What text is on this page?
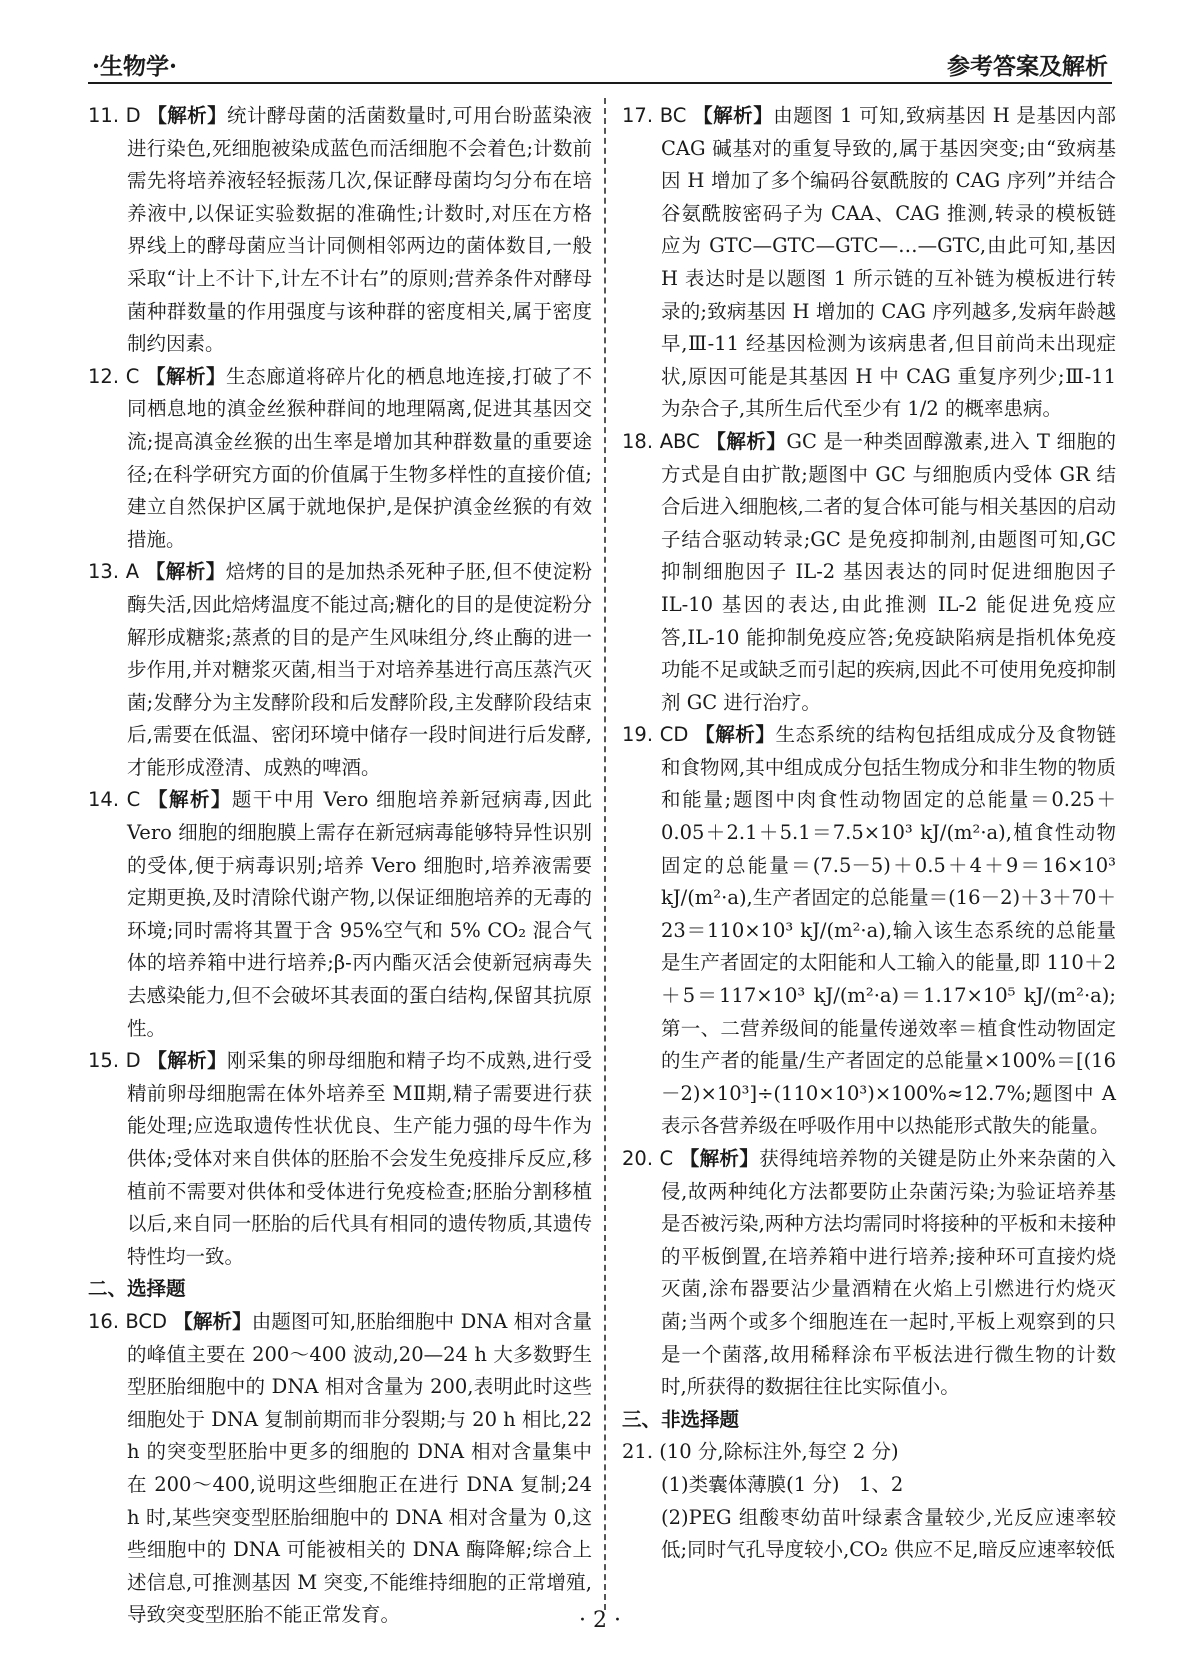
·生物学·	参考答案及解析

11. D 【解析】统计酵母菌的活菌数量时,可用台盼蓝染液进行染色,死细胞被染成蓝色而活细胞不会着色;计数前需先将培养液轻轻振荡几次,保证酵母菌均匀分布在培养液中,以保证实验数据的准确性;计数时,对压在方格界线上的酵母菌应当计同侧相邻两边的菌体数目,一般采取“计上不计下,计左不计右”的原则;营养条件对酵母菌种群数量的作用强度与该种群的密度相关,属于密度制约因素。

12. C 【解析】生态廊道将碎片化的栖息地连接,打破了不同栖息地的滇金丝猴种群间的地理隔离,促进其基因交流;提高滇金丝猴的出生率是增加其种群数量的重要途径;在科学研究方面的价值属于生物多样性的直接价值;建立自然保护区属于就地保护,是保护滇金丝猴的有效措施。

13. A 【解析】焙烤的目的是加热杀死种子胚,但不使淀粉酶失活,因此焙烤温度不能过高;糖化的目的是使淀粉分解形成糖浆;蒸煮的目的是产生风味组分,终止酶的进一步作用,并对糖浆灭菌,相当于对培养基进行高压蒸汽灭菌;发酵分为主发酵阶段和后发酵阶段,主发酵阶段结束后,需要在低温、密闭环境中储存一段时间进行后发酵,才能形成澄清、成熟的啤酒。

14. C 【解析】题干中用 Vero 细胞培养新冠病毒,因此 Vero 细胞的细胞膜上需存在新冠病毒能够特异性识别的受体,便于病毒识别;培养 Vero 细胞时,培养液需要定期更换,及时清除代谢产物,以保证细胞培养的无毒的环境;同时需将其置于含 95%空气和 5% CO₂ 混合气体的培养箱中进行培养;β-丙内酯灭活会使新冠病毒失去感染能力,但不会破坏其表面的蛋白结构,保留其抗原性。

15. D 【解析】刚采集的卵母细胞和精子均不成熟,进行受精前卵母细胞需在体外培养至 MⅡ期,精子需要进行获能处理;应选取遗传性状优良、生产能力强的母牛作为供体;受体对来自供体的胚胎不会发生免疫排斥反应,移植前不需要对供体和受体进行免疫检查;胚胎分割移植以后,来自同一胚胎的后代具有相同的遗传物质,其遗传特性均一致。

二、选择题

16. BCD 【解析】由题图可知,胚胎细胞中 DNA 相对含量的峰值主要在 200～400 波动,20—24 h 大多数野生型胚胎细胞中的 DNA 相对含量为 200,表明此时这些细胞处于 DNA 复制前期而非分裂期;与 20 h 相比,22 h 的突变型胚胎中更多的细胞的 DNA 相对含量集中在 200～400,说明这些细胞正在进行 DNA 复制;24 h 时,某些突变型胚胎细胞中的 DNA 相对含量为 0,这些细胞中的 DNA 可能被相关的 DNA 酶降解;综合上述信息,可推测基因 M 突变,不能维持细胞的正常增殖,导致突变型胚胎不能正常发育。

17. BC 【解析】由题图 1 可知,致病基因 H 是基因内部 CAG 碱基对的重复导致的,属于基因突变;由“致病基因 H 增加了多个编码谷氨酰胺的 CAG 序列”并结合谷氨酰胺密码子为 CAA、CAG 推测,转录的模板链应为 GTC—GTC—GTC—…—GTC,由此可知,基因 H 表达时是以题图 1 所示链的互补链为模板进行转录的;致病基因 H 增加的 CAG 序列越多,发病年龄越早,Ⅲ-11 经基因检测为该病患者,但目前尚未出现症状,原因可能是其基因 H 中 CAG 重复序列少;Ⅲ-11 为杂合子,其所生后代至少有 1/2 的概率患病。

18. ABC 【解析】GC 是一种类固醇激素,进入 T 细胞的方式是自由扩散;题图中 GC 与细胞质内受体 GR 结合后进入细胞核,二者的复合体可能与相关基因的启动子结合驱动转录;GC 是免疫抑制剂,由题图可知,GC 抑制细胞因子 IL-2 基因表达的同时促进细胞因子 IL-10 基因的表达,由此推测 IL-2 能促进免疫应答,IL-10 能抑制免疫应答;免疫缺陷病是指机体免疫功能不足或缺乏而引起的疾病,因此不可使用免疫抑制剂 GC 进行治疗。

19. CD 【解析】生态系统的结构包括组成成分及食物链和食物网,其中组成成分包括生物成分和非生物的物质和能量;题图中肉食性动物固定的总能量＝0.25＋0.05＋2.1＋5.1＝7.5×10³ kJ/(m²·a),植食性动物固定的总能量＝(7.5－5)＋0.5＋4＋9＝16×10³ kJ/(m²·a),生产者固定的总能量＝(16－2)＋3＋70＋23＝110×10³ kJ/(m²·a),输入该生态系统的总能量是生产者固定的太阳能和人工输入的能量,即 110＋2＋5＝117×10³ kJ/(m²·a)＝1.17×10⁵ kJ/(m²·a);第一、二营养级间的能量传递效率＝植食性动物固定的生产者的能量/生产者固定的总能量×100%＝[(16－2)×10³]÷(110×10³)×100%≈12.7%;题图中 A 表示各营养级在呼吸作用中以热能形式散失的能量。

20. C 【解析】获得纯培养物的关键是防止外来杂菌的入侵,故两种纯化方法都要防止杂菌污染;为验证培养基是否被污染,两种方法均需同时将接种的平板和未接种的平板倒置,在培养箱中进行培养;接种环可直接灼烧灭菌,涂布器要沾少量酒精在火焰上引燃进行灼烧灭菌;当两个或多个细胞连在一起时,平板上观察到的只是一个菌落,故用稀释涂布平板法进行微生物的计数时,所获得的数据往往比实际值小。

三、非选择题

21. (10 分,除标注外,每空 2 分)

(1)类囊体薄膜(1 分)　1、2

(2)PEG 组酸枣幼苗叶绿素含量较少,光反应速率较低;同时气孔导度较小,CO₂ 供应不足,暗反应速率较低

· 2 ·
